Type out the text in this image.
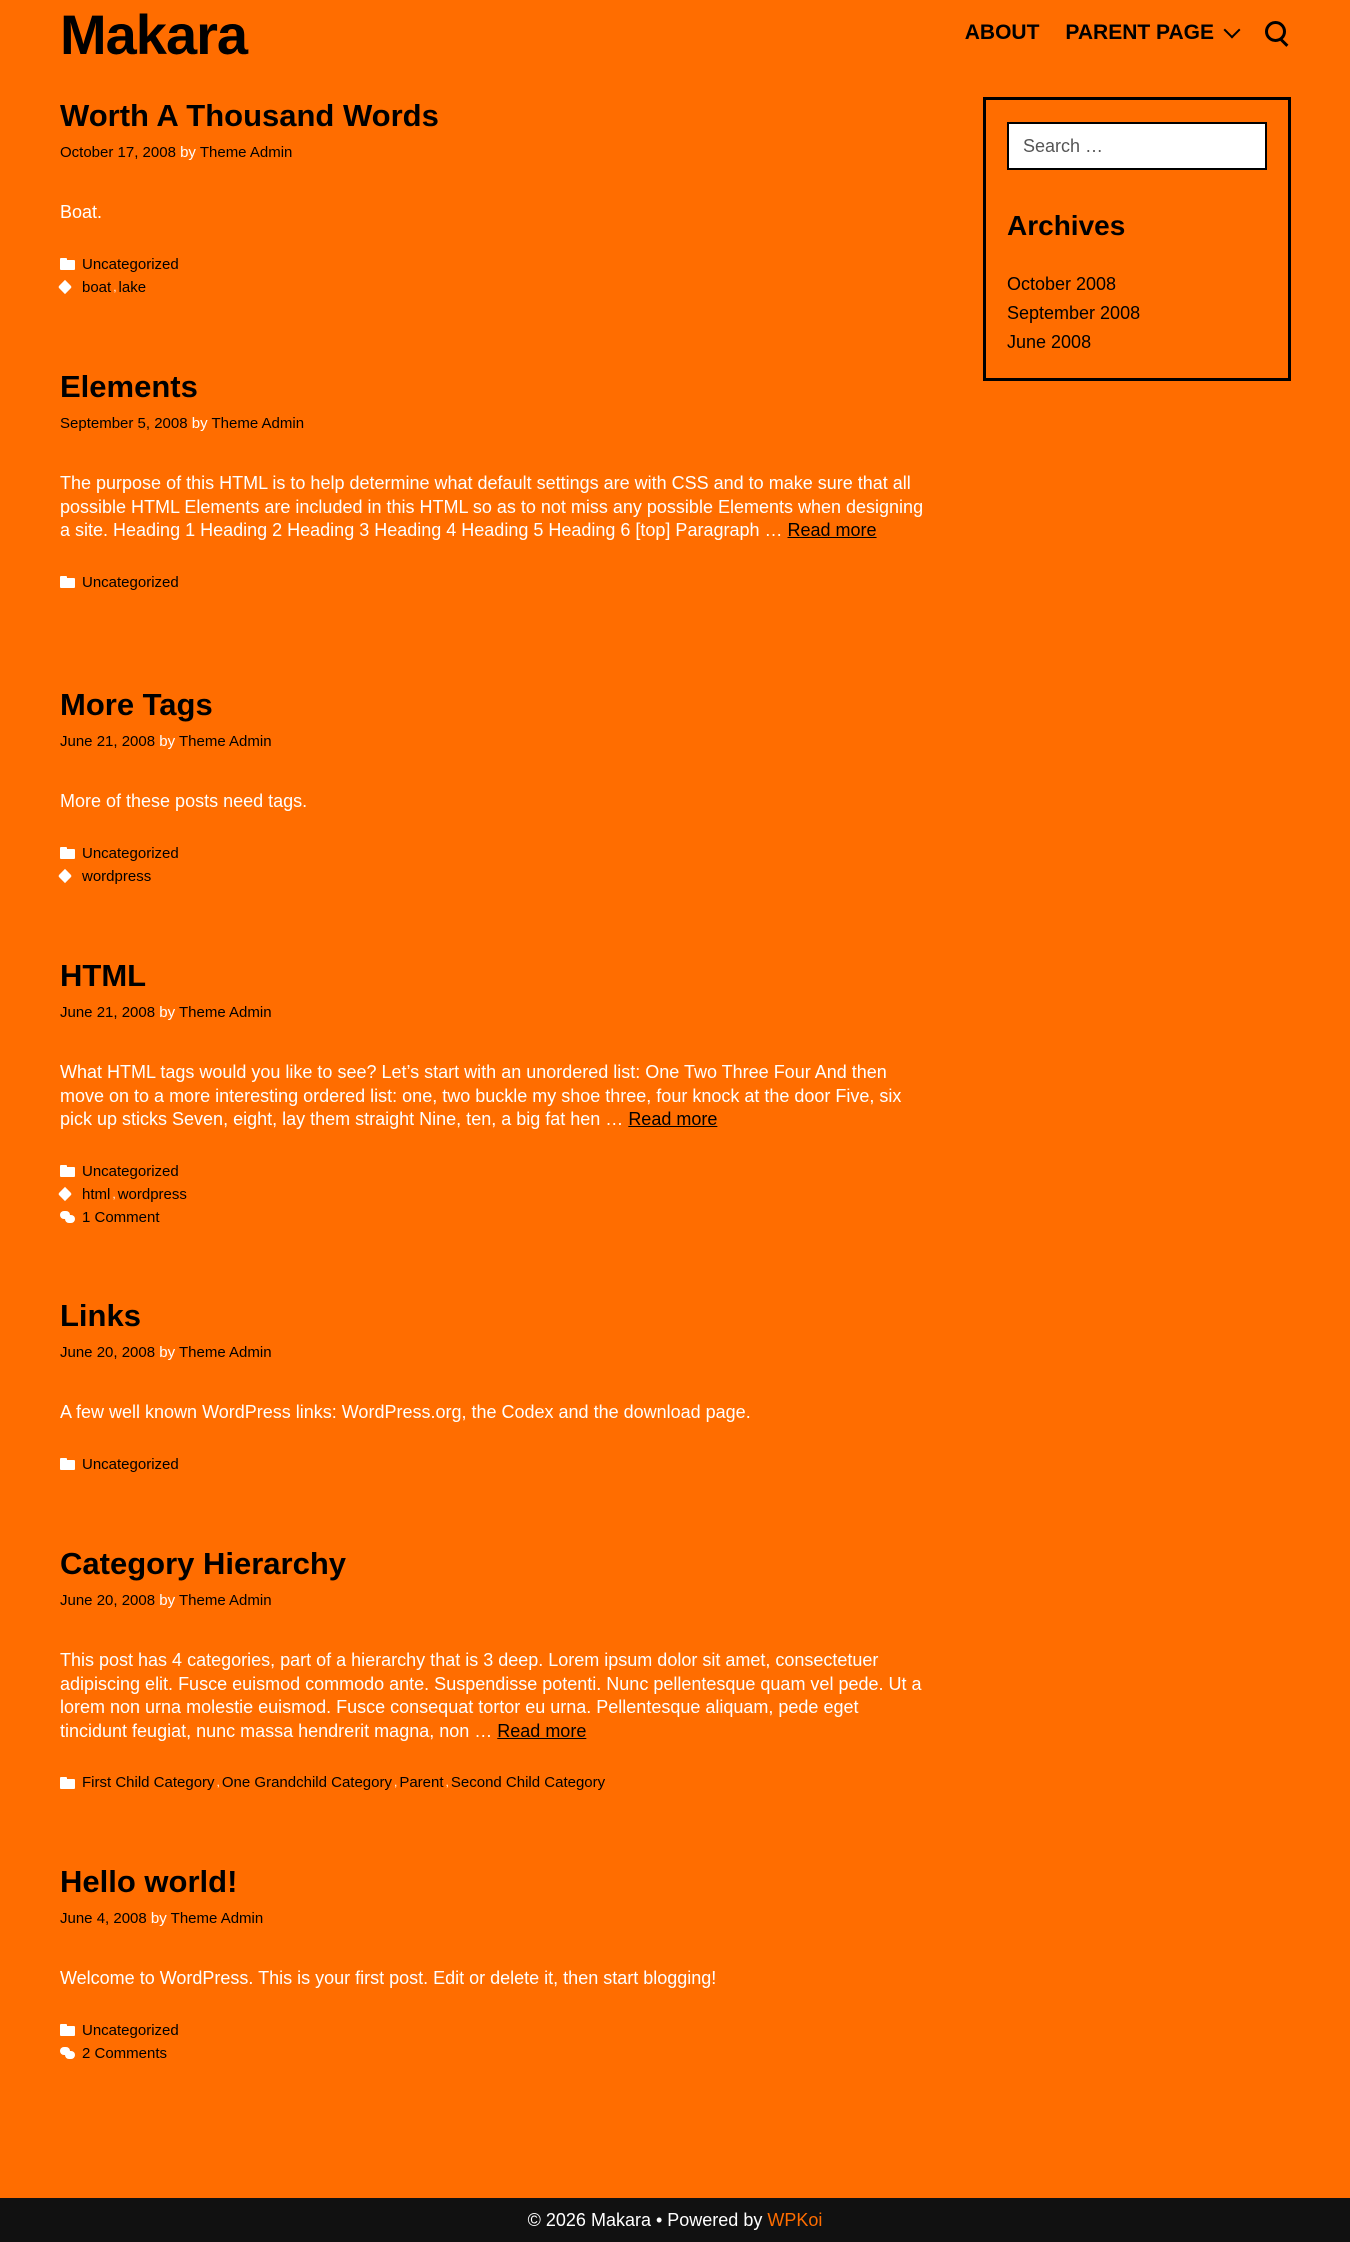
Makara	ABOUT PARENT PAGE
Worth A Thousand Words
October 17, 2008 by Theme Admin
Boat.
Uncategorized
boat , lake
Elements
September 5, 2008 by Theme Admin
The purpose of this HTML is to help determine what default settings are with CSS and to make sure that all possible HTML Elements are included in this HTML so as to not miss any possible Elements when designing a site. Heading 1 Heading 2 Heading 3 Heading 4 Heading 5 Heading 6 [top] Paragraph … Read more
Uncategorized
More Tags
June 21, 2008 by Theme Admin
More of these posts need tags.
Uncategorized
wordpress
HTML
June 21, 2008 by Theme Admin
What HTML tags would you like to see? Let’s start with an unordered list: One Two Three Four And then move on to a more interesting ordered list: one, two buckle my shoe three, four knock at the door Five, six pick up sticks Seven, eight, lay them straight Nine, ten, a big fat hen … Read more
Uncategorized
html , wordpress
1 Comment
Links
June 20, 2008 by Theme Admin
A few well known WordPress links: WordPress.org, the Codex and the download page.
Uncategorized
Category Hierarchy
June 20, 2008 by Theme Admin
This post has 4 categories, part of a hierarchy that is 3 deep. Lorem ipsum dolor sit amet, consectetuer adipiscing elit. Fusce euismod commodo ante. Suspendisse potenti. Nunc pellentesque quam vel pede. Ut a lorem non urna molestie euismod. Fusce consequat tortor eu urna. Pellentesque aliquam, pede eget tincidunt feugiat, nunc massa hendrerit magna, non … Read more
First Child Category , One Grandchild Category , Parent , Second Child Category
Hello world!
June 4, 2008 by Theme Admin
Welcome to WordPress. This is your first post. Edit or delete it, then start blogging!
Uncategorized
2 Comments
Search …
Archives
October 2008
September 2008
June 2008
© 2026 Makara • Powered by WPKoi
